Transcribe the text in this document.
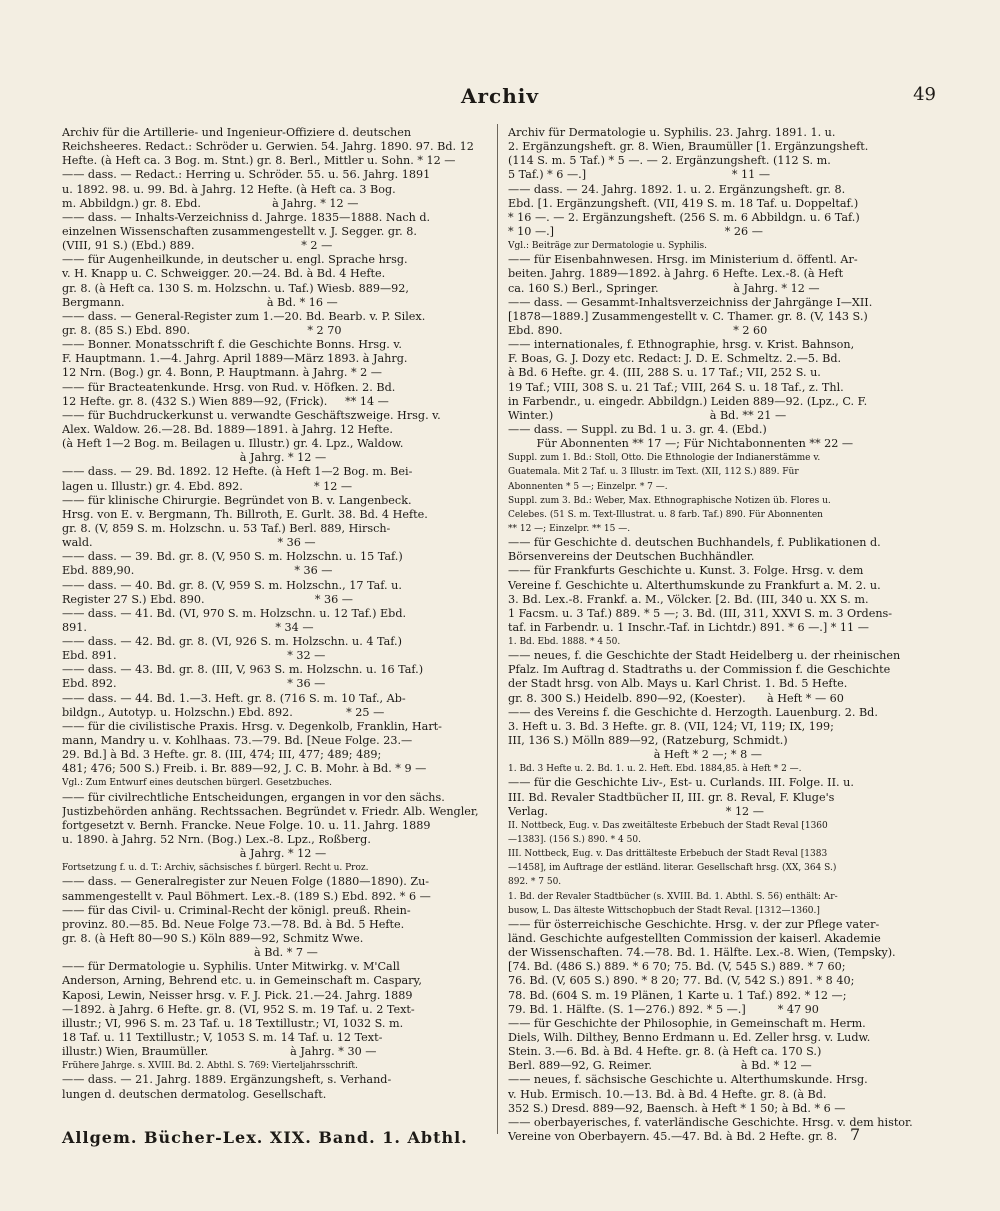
Archiv	49
Archiv für die Artillerie- und Ingenieur-Offiziere d. deutschen
Reichsheeres. Redact.: Schröder u. Gerwien. 54. Jahrg. 1890. 97. Bd. 12
Hefte. (à Heft ca. 3 Bog. m. Stnt.) gr. 8. Berl., Mittler u. Sohn. * 12 —
—— dass. — Redact.: Herring u. Schröder. 55. u. 56. Jahrg. 1891
u. 1892. 98. u. 99. Bd. à Jahrg. 12 Hefte. (à Heft ca. 3 Bog.
m. Abbildgn.) gr. 8. Ebd.                    à Jahrg. * 12 —
—— dass. — Inhalts-Verzeichniss d. Jahrge. 1835—1888. Nach d.
einzelnen Wissenschaften zusammengestellt v. J. Segger. gr. 8.
(VIII, 91 S.) (Ebd.) 889.                              * 2 —
—— für Augenheilkunde, in deutscher u. engl. Sprache hrsg.
v. H. Knapp u. C. Schweigger. 20.—24. Bd. à Bd. 4 Hefte.
gr. 8. (à Heft ca. 130 S. m. Holzschn. u. Taf.) Wiesb. 889—92,
Bergmann.                                        à Bd. * 16 —
—— dass. — General-Register zum 1.—20. Bd. Bearb. v. P. Silex.
gr. 8. (85 S.) Ebd. 890.                                 * 2 70
—— Bonner. Monatsschrift f. die Geschichte Bonns. Hrsg. v.
F. Hauptmann. 1.—4. Jahrg. April 1889—März 1893. à Jahrg.
12 Nrn. (Bog.) gr. 4. Bonn, P. Hauptmann. à Jahrg. * 2 —
—— für Bracteatenkunde. Hrsg. von Rud. v. Höfken. 2. Bd.
12 Hefte. gr. 8. (432 S.) Wien 889—92, (Frick).     ** 14 —
—— für Buchdruckerkunst u. verwandte Geschäftszweige. Hrsg. v.
Alex. Waldow. 26.—28. Bd. 1889—1891. à Jahrg. 12 Hefte.
(à Heft 1—2 Bog. m. Beilagen u. Illustr.) gr. 4. Lpz., Waldow.
à Jahrg. * 12 —
—— dass. — 29. Bd. 1892. 12 Hefte. (à Heft 1—2 Bog. m. Bei-
lagen u. Illustr.) gr. 4. Ebd. 892.                    * 12 —
—— für klinische Chirurgie. Begründet von B. v. Langenbeck.
Hrsg. von E. v. Bergmann, Th. Billroth, E. Gurlt. 38. Bd. 4 Hefte.
gr. 8. (V, 859 S. m. Holzschn. u. 53 Taf.) Berl. 889, Hirsch-
wald.                                                    * 36 —
—— dass. — 39. Bd. gr. 8. (V, 950 S. m. Holzschn. u. 15 Taf.)
Ebd. 889,90.                                             * 36 —
—— dass. — 40. Bd. gr. 8. (V, 959 S. m. Holzschn., 17 Taf. u.
Register 27 S.) Ebd. 890.                               * 36 —
—— dass. — 41. Bd. (VI, 970 S. m. Holzschn. u. 12 Taf.) Ebd.
891.                                                     * 34 —
—— dass. — 42. Bd. gr. 8. (VI, 926 S. m. Holzschn. u. 4 Taf.)
Ebd. 891.                                                * 32 —
—— dass. — 43. Bd. gr. 8. (III, V, 963 S. m. Holzschn. u. 16 Taf.)
Ebd. 892.                                                * 36 —
—— dass. — 44. Bd. 1.—3. Heft. gr. 8. (716 S. m. 10 Taf., Ab-
bildgn., Autotyp. u. Holzschn.) Ebd. 892.               * 25 —
—— für die civilistische Praxis. Hrsg. v. Degenkolb, Franklin, Hart-
mann, Mandry u. v. Kohlhaas. 73.—79. Bd. [Neue Folge. 23.—
29. Bd.] à Bd. 3 Hefte. gr. 8. (III, 474; III, 477; 489; 489;
481; 476; 500 S.) Freib. i. Br. 889—92, J. C. B. Mohr. à Bd. * 9 —
Vgl.: Zum Entwurf eines deutschen bürgerl. Gesetzbuches.
—— für civilrechtliche Entscheidungen, ergangen in vor den sächs.
Justizbehörden anhäng. Rechtssachen. Begründet v. Friedr. Alb. Wengler,
fortgesetzt v. Bernh. Francke. Neue Folge. 10. u. 11. Jahrg. 1889
u. 1890. à Jahrg. 52 Nrn. (Bog.) Lex.-8. Lpz., Roßberg.
à Jahrg. * 12 —
Fortsetzung f. u. d. T.: Archiv, sächsisches f. bürgerl. Recht u. Proz.
—— dass. — Generalregister zur Neuen Folge (1880—1890). Zu-
sammengestellt v. Paul Böhmert. Lex.-8. (189 S.) Ebd. 892. * 6 —
—— für das Civil- u. Criminal-Recht der königl. preuß. Rhein-
provinz. 80.—85. Bd. Neue Folge 73.—78. Bd. à Bd. 5 Hefte.
gr. 8. (à Heft 80—90 S.) Köln 889—92, Schmitz Wwe.
à Bd. * 7 —
—— für Dermatologie u. Syphilis. Unter Mitwirkg. v. M'Call
Anderson, Arning, Behrend etc. u. in Gemeinschaft m. Caspary,
Kaposi, Lewin, Neisser hrsg. v. F. J. Pick. 21.—24. Jahrg. 1889
—1892. à Jahrg. 6 Hefte. gr. 8. (VI, 952 S. m. 19 Taf. u. 2 Text-
illustr.; VI, 996 S. m. 23 Taf. u. 18 Textillustr.; VI, 1032 S. m.
18 Taf. u. 11 Textillustr.; V, 1053 S. m. 14 Taf. u. 12 Text-
illustr.) Wien, Braumüller.                       à Jahrg. * 30 —
Frühere Jahrge. s. XVIII. Bd. 2. Abthl. S. 769: Vierteljahrsschrift.
—— dass. — 21. Jahrg. 1889. Ergänzungsheft, s. Verhand-
lungen d. deutschen dermatolog. Gesellschaft.
Archiv für Dermatologie u. Syphilis. 23. Jahrg. 1891. 1. u.
2. Ergänzungsheft. gr. 8. Wien, Braumüller [1. Ergänzungsheft.
(114 S. m. 5 Taf.) * 5 —. — 2. Ergänzungsheft. (112 S. m.
5 Taf.) * 6 —.]                                         * 11 —
—— dass. — 24. Jahrg. 1892. 1. u. 2. Ergänzungsheft. gr. 8.
Ebd. [1. Ergänzungsheft. (VII, 419 S. m. 18 Taf. u. Doppeltaf.)
* 16 —. — 2. Ergänzungsheft. (256 S. m. 6 Abbildgn. u. 6 Taf.)
* 10 —.]                                                * 26 —
Vgl.: Beiträge zur Dermatologie u. Syphilis.
—— für Eisenbahnwesen. Hrsg. im Ministerium d. öffentl. Ar-
beiten. Jahrg. 1889—1892. à Jahrg. 6 Hefte. Lex.-8. (à Heft
ca. 160 S.) Berl., Springer.                     à Jahrg. * 12 —
—— dass. — Gesammt-Inhaltsverzeichniss der Jahrgänge I—XII.
[1878—1889.] Zusammengestellt v. C. Thamer. gr. 8. (V, 143 S.)
Ebd. 890.                                                * 2 60
—— internationales, f. Ethnographie, hrsg. v. Krist. Bahnson,
F. Boas, G. J. Dozy etc. Redact: J. D. E. Schmeltz. 2.—5. Bd.
à Bd. 6 Hefte. gr. 4. (III, 288 S. u. 17 Taf.; VII, 252 S. u.
19 Taf.; VIII, 308 S. u. 21 Taf.; VIII, 264 S. u. 18 Taf., z. Thl.
in Farbendr., u. eingedr. Abbildgn.) Leiden 889—92. (Lpz., C. F.
Winter.)                                            à Bd. ** 21 —
—— dass. — Suppl. zu Bd. 1 u. 3. gr. 4. (Ebd.)
Für Abonnenten ** 17 —; Für Nichtabonnenten ** 22 —
Suppl. zum 1. Bd.: Stoll, Otto. Die Ethnologie der Indianerstämme v.
Guatemala. Mit 2 Taf. u. 3 Illustr. im Text. (XII, 112 S.) 889. Für
Abonnenten * 5 —; Einzelpr. * 7 —.
Suppl. zum 3. Bd.: Weber, Max. Ethnographische Notizen üb. Flores u.
Celebes. (51 S. m. Text-Illustrat. u. 8 farb. Taf.) 890. Für Abonnenten
** 12 —; Einzelpr. ** 15 —.
—— für Geschichte d. deutschen Buchhandels, f. Publikationen d.
Börsenvereins der Deutschen Buchhändler.
—— für Frankfurts Geschichte u. Kunst. 3. Folge. Hrsg. v. dem
Vereine f. Geschichte u. Alterthumskunde zu Frankfurt a. M. 2. u.
3. Bd. Lex.-8. Frankf. a. M., Völcker. [2. Bd. (III, 340 u. XX S. m.
1 Facsm. u. 3 Taf.) 889. * 5 —; 3. Bd. (III, 311, XXVI S. m. 3 Ordens-
taf. in Farbendr. u. 1 Inschr.-Taf. in Lichtdr.) 891. * 6 —.] * 11 —
1. Bd. Ebd. 1888. * 4 50.
—— neues, f. die Geschichte der Stadt Heidelberg u. der rheinischen
Pfalz. Im Auftrag d. Stadtraths u. der Commission f. die Geschichte
der Stadt hrsg. von Alb. Mays u. Karl Christ. 1. Bd. 5 Hefte.
gr. 8. 300 S.) Heidelb. 890—92, (Koester).      à Heft * — 60
—— des Vereins f. die Geschichte d. Herzogth. Lauenburg. 2. Bd.
3. Heft u. 3. Bd. 3 Hefte. gr. 8. (VII, 124; VI, 119; IX, 199;
III, 136 S.) Mölln 889—92, (Ratzeburg, Schmidt.)
à Heft * 2 —; * 8 —
1. Bd. 3 Hefte u. 2. Bd. 1. u. 2. Heft. Ebd. 1884,85. à Heft * 2 —.
—— für die Geschichte Liv-, Est- u. Curlands. III. Folge. II. u.
III. Bd. Revaler Stadtbücher II, III. gr. 8. Reval, F. Kluge's
Verlag.                                                  * 12 —
II. Nottbeck, Eug. v. Das zweitälteste Erbebuch der Stadt Reval [1360
—1383]. (156 S.) 890. * 4 50.
III. Nottbeck, Eug. v. Das drittälteste Erbebuch der Stadt Reval [1383
—1458], im Auftrage der estländ. literar. Gesellschaft hrsg. (XX, 364 S.)
892. * 7 50.
1. Bd. der Revaler Stadtbücher (s. XVIII. Bd. 1. Abthl. S. 56) enthält: Ar-
busow, L. Das älteste Wittschopbuch der Stadt Reval. [1312—1360.]
—— für österreichische Geschichte. Hrsg. v. der zur Pflege vater-
länd. Geschichte aufgestellten Commission der kaiserl. Akademie
der Wissenschaften. 74.—78. Bd. 1. Hälfte. Lex.-8. Wien, (Tempsky).
[74. Bd. (486 S.) 889. * 6 70; 75. Bd. (V, 545 S.) 889. * 7 60;
76. Bd. (V, 605 S.) 890. * 8 20; 77. Bd. (V, 542 S.) 891. * 8 40;
78. Bd. (604 S. m. 19 Plänen, 1 Karte u. 1 Taf.) 892. * 12 —;
79. Bd. 1. Hälfte. (S. 1—276.) 892. * 5 —.]         * 47 90
—— für Geschichte der Philosophie, in Gemeinschaft m. Herm.
Diels, Wilh. Dilthey, Benno Erdmann u. Ed. Zeller hrsg. v. Ludw.
Stein. 3.—6. Bd. à Bd. 4 Hefte. gr. 8. (à Heft ca. 170 S.)
Berl. 889—92, G. Reimer.                         à Bd. * 12 —
—— neues, f. sächsische Geschichte u. Alterthumskunde. Hrsg.
v. Hub. Ermisch. 10.—13. Bd. à Bd. 4 Hefte. gr. 8. (à Bd.
352 S.) Dresd. 889—92, Baensch. à Heft * 1 50; à Bd. * 6 —
—— oberbayerisches, f. vaterländische Geschichte. Hrsg. v. dem histor.
Vereine von Oberbayern. 45.—47. Bd. à Bd. 2 Hefte. gr. 8.
Allgem. Bücher-Lex. XIX. Band. 1. Abthl.	7
